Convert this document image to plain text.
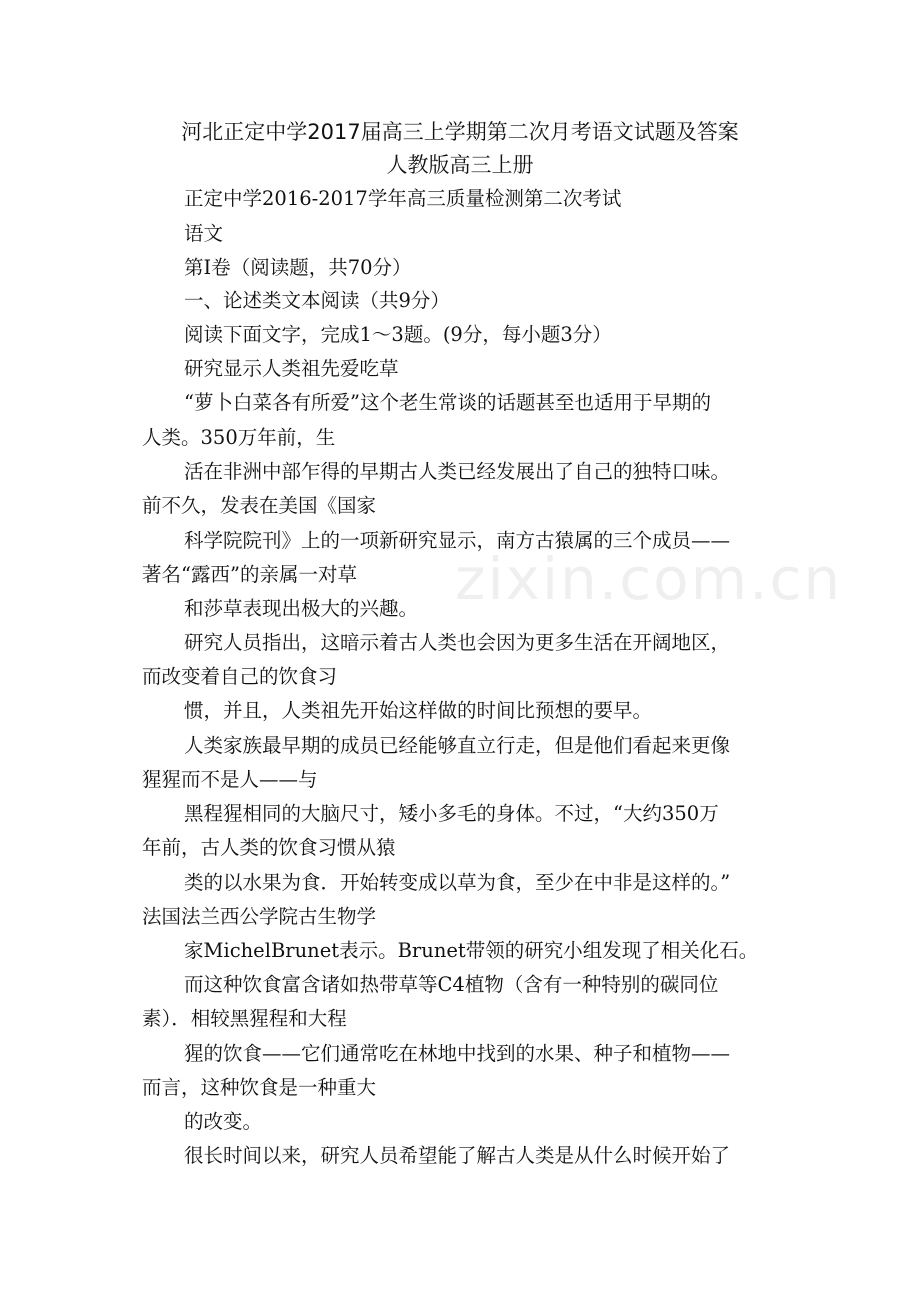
zixin.com.cn
河北正定中学2017届高三上学期第二次月考语文试题及答案
人教版高三上册
正定中学2016-2017学年高三质量检测第二次考试
语文
第Ⅰ卷（阅读题，共70分）
一、论述类文本阅读（共9分）
阅读下面文字，完成1～3题。(9分，每小题3分）
研究显示人类祖先爱吃草
“萝卜白菜各有所爱”这个老生常谈的话题甚至也适用于早期的
人类。350万年前，生
活在非洲中部乍得的早期古人类已经发展出了自己的独特口味。
前不久，发表在美国《国家
科学院院刊》上的一项新研究显示，南方古猿属的三个成员——
著名“露西”的亲属一对草
和莎草表现出极大的兴趣。
研究人员指出，这暗示着古人类也会因为更多生活在开阔地区，
而改变着自己的饮食习
惯，并且，人类祖先开始这样做的时间比预想的要早。
人类家族最早期的成员已经能够直立行走，但是他们看起来更像
猩猩而不是人——与
黑程猩相同的大脑尺寸，矮小多毛的身体。不过，“大约350万
年前，古人类的饮食习惯从猿
类的以水果为食．开始转变成以草为食，至少在中非是这样的。”
法国法兰西公学院古生物学
家MichelBrunet表示。Brunet带领的研究小组发现了相关化石。
而这种饮食富含诸如热带草等C4植物（含有一种特别的碳同位
素）．相较黑猩程和大程
猩的饮食——它们通常吃在林地中找到的水果、种子和植物——
而言，这种饮食是一种重大
的改变。
很长时间以来，研究人员希望能了解古人类是从什么时候开始了
